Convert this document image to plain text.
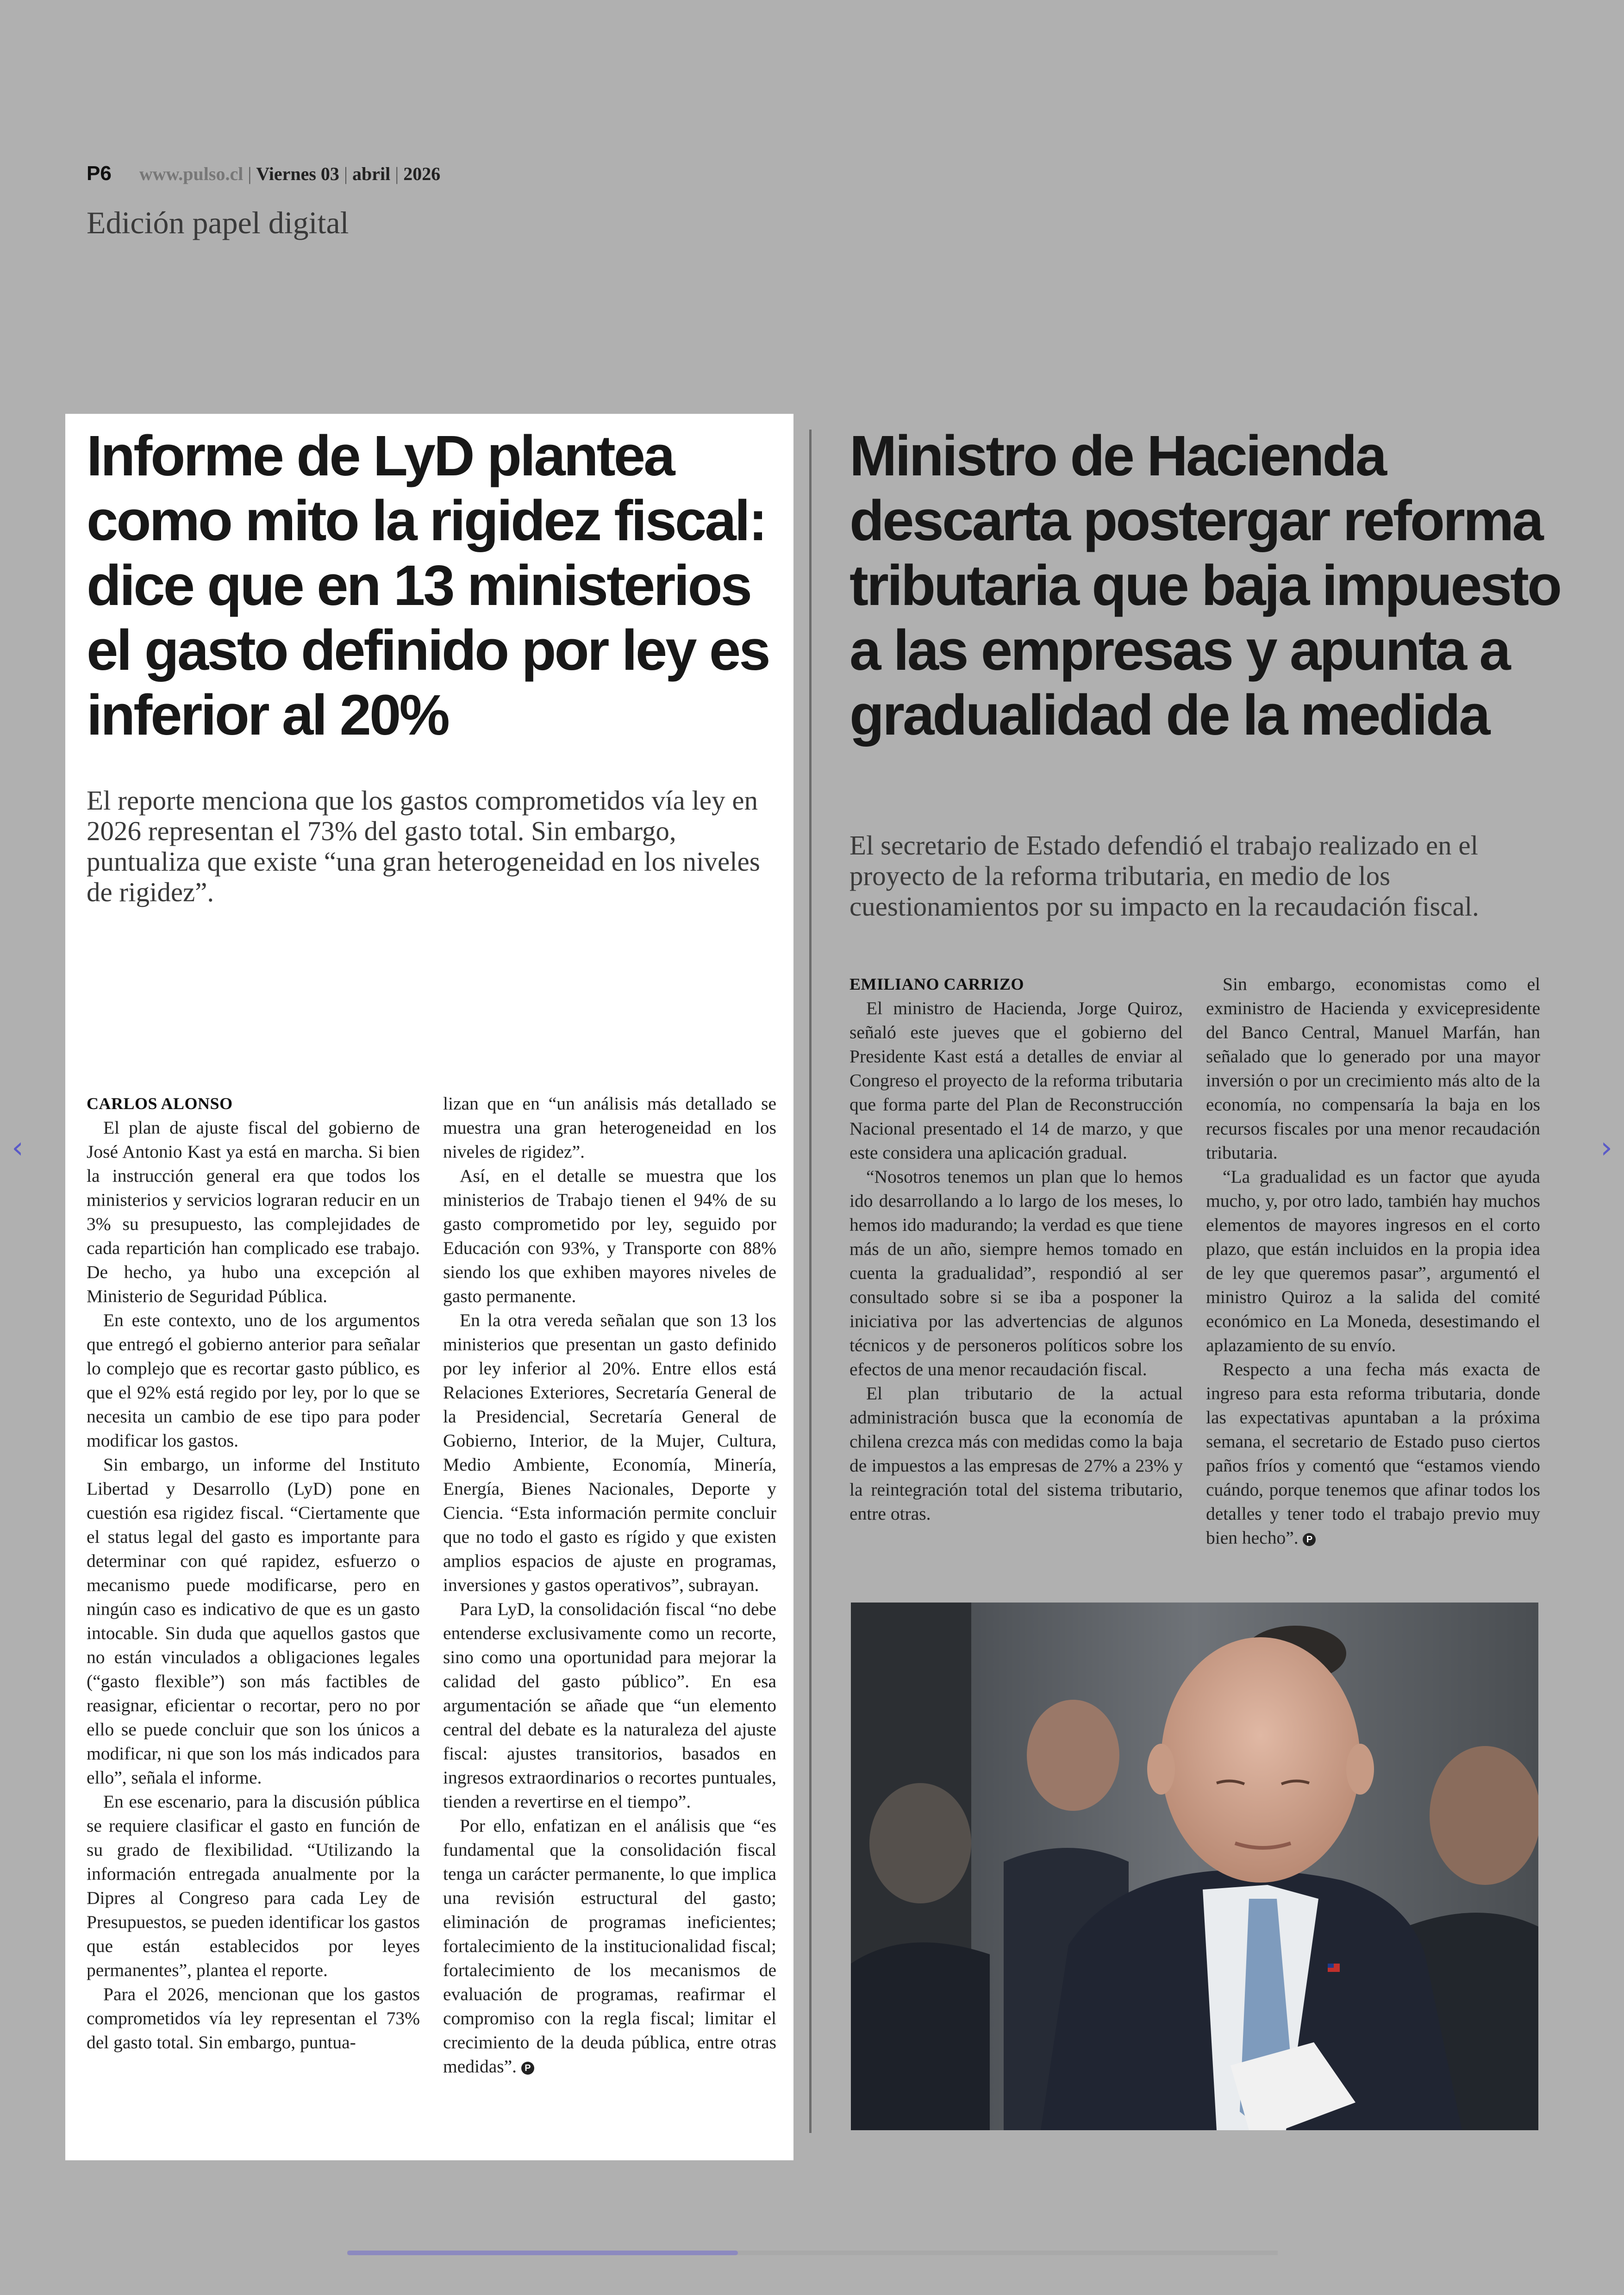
P6 www.pulso.cl | Viernes 03 | abril | 2026
Edición papel digital
Informe de LyD plantea como mito la rigidez fiscal: dice que en 13 ministerios el gasto definido por ley es inferior al 20%

El reporte menciona que los gastos comprometidos vía ley en 2026 representan el 73% del gasto total. Sin embargo, puntualiza que existe “una gran heterogeneidad en los niveles de rigidez”.

CARLOS ALONSO

El plan de ajuste fiscal del gobierno de José Antonio Kast ya está en marcha. Si bien la instrucción general era que todos los ministerios y servicios lograran reducir en un 3% su presupuesto, las complejidades de cada repartición han complicado ese trabajo. De hecho, ya hubo una excepción al Ministerio de Seguridad Pública.

En este contexto, uno de los argumentos que entregó el gobierno anterior para señalar lo complejo que es recortar gasto público, es que el 92% está regido por ley, por lo que se necesita un cambio de ese tipo para poder modificar los gastos.

Sin embargo, un informe del Instituto Libertad y Desarrollo (LyD) pone en cuestión esa rigidez fiscal. “Ciertamente que el status legal del gasto es importante para determinar con qué rapidez, esfuerzo o mecanismo puede modificarse, pero en ningún caso es indicativo de que es un gasto intocable. Sin duda que aquellos gastos que no están vinculados a obligaciones legales (“gasto flexible”) son más factibles de reasignar, eficientar o recortar, pero no por ello se puede concluir que son los únicos a modificar, ni que son los más indicados para ello”, señala el informe.

En ese escenario, para la discusión pública se requiere clasificar el gasto en función de su grado de flexibilidad. “Utilizando la información entregada anualmente por la Dipres al Congreso para cada Ley de Presupuestos, se pueden identificar los gastos que están establecidos por leyes permanentes”, plantea el reporte.

Para el 2026, mencionan que los gastos comprometidos vía ley representan el 73% del gasto total. Sin embargo, puntua-

lizan que en “un análisis más detallado se muestra una gran heterogeneidad en los niveles de rigidez”.

Así, en el detalle se muestra que los ministerios de Trabajo tienen el 94% de su gasto comprometido por ley, seguido por Educación con 93%, y Transporte con 88% siendo los que exhiben mayores niveles de gasto permanente.

En la otra vereda señalan que son 13 los ministerios que presentan un gasto definido por ley inferior al 20%. Entre ellos está Relaciones Exteriores, Secretaría General de la Presidencial, Secretaría General de Gobierno, Interior, de la Mujer, Cultura, Medio Ambiente, Economía, Minería, Energía, Bienes Nacionales, Deporte y Ciencia. “Esta información permite concluir que no todo el gasto es rígido y que existen amplios espacios de ajuste en programas, inversiones y gastos operativos”, subrayan.

Para LyD, la consolidación fiscal “no debe entenderse exclusivamente como un recorte, sino como una oportunidad para mejorar la calidad del gasto público”. En esa argumentación se añade que “un elemento central del debate es la naturaleza del ajuste fiscal: ajustes transitorios, basados en ingresos extraordinarios o recortes puntuales, tienden a revertirse en el tiempo”.

Por ello, enfatizan en el análisis que “es fundamental que la consolidación fiscal tenga un carácter permanente, lo que implica una revisión estructural del gasto; eliminación de programas ineficientes; fortalecimiento de la institucionalidad fiscal; fortalecimiento de los mecanismos de evaluación de programas, reafirmar el compromiso con la regla fiscal; limitar el crecimiento de la deuda pública, entre otras medidas”. P

Ministro de Hacienda descarta postergar reforma tributaria que baja impuesto a las empresas y apunta a gradualidad de la medida

El secretario de Estado defendió el trabajo realizado en el proyecto de la reforma tributaria, en medio de los cuestionamientos por su impacto en la recaudación fiscal.

EMILIANO CARRIZO

El ministro de Hacienda, Jorge Quiroz, señaló este jueves que el gobierno del Presidente Kast está a detalles de enviar al Congreso el proyecto de la reforma tributaria que forma parte del Plan de Reconstrucción Nacional presentado el 14 de marzo, y que este considera una aplicación gradual.

“Nosotros tenemos un plan que lo hemos ido desarrollando a lo largo de los meses, lo hemos ido madurando; la verdad es que tiene más de un año, siempre hemos tomado en cuenta la gradualidad”, respondió al ser consultado sobre si se iba a posponer la iniciativa por las advertencias de algunos técnicos y de personeros políticos sobre los efectos de una menor recaudación fiscal.

El plan tributario de la actual administración busca que la economía de chilena crezca más con medidas como la baja de impuestos a las empresas de 27% a 23% y la reintegración total del sistema tributario, entre otras.

Sin embargo, economistas como el exministro de Hacienda y exvicepresidente del Banco Central, Manuel Marfán, han señalado que lo generado por una mayor inversión o por un crecimiento más alto de la economía, no compensaría la baja en los recursos fiscales por una menor recaudación tributaria.

“La gradualidad es un factor que ayuda mucho, y, por otro lado, también hay muchos elementos de mayores ingresos en el corto plazo, que están incluidos en la propia idea de ley que queremos pasar”, argumentó el ministro Quiroz a la salida del comité económico en La Moneda, desestimando el aplazamiento de su envío.

Respecto a una fecha más exacta de ingreso para esta reforma tributaria, donde las expectativas apuntaban a la próxima semana, el secretario de Estado puso ciertos paños fríos y comentó que “estamos viendo cuándo, porque tenemos que afinar todos los detalles y tener todo el trabajo previo muy bien hecho”. P

‹	›
